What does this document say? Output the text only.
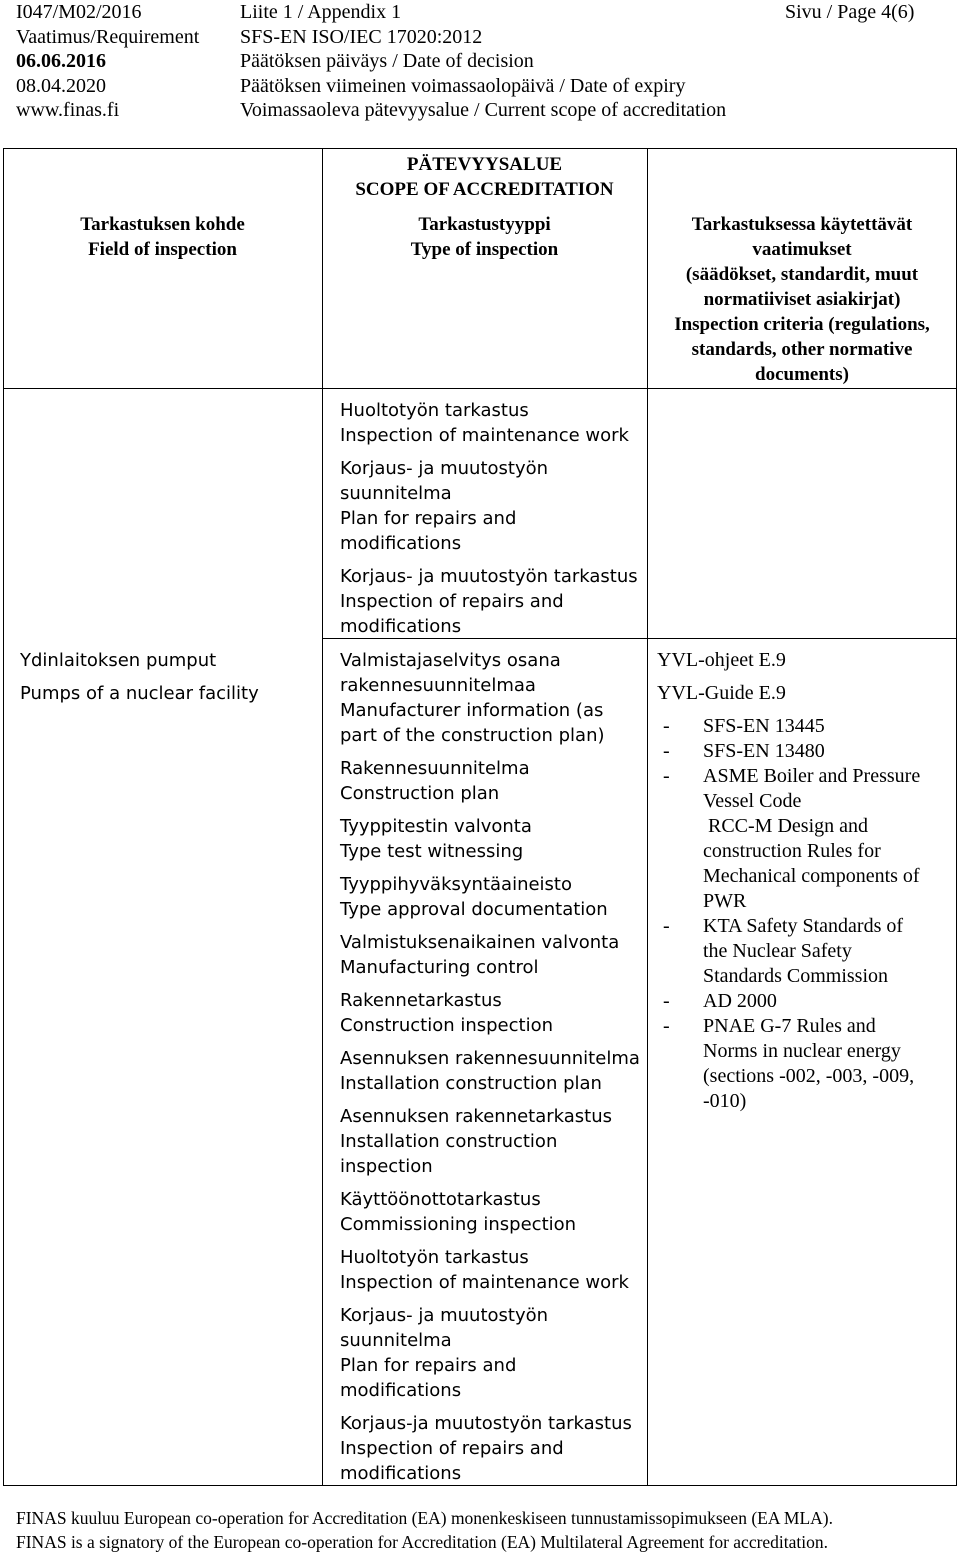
I047/M02/2016
Vaatimus/Requirement
06.06.2016
08.04.2020
www.finas.fi
Liite 1 / Appendix 1
SFS-EN ISO/IEC 17020:2012
Päätöksen päiväys / Date of decision
Päätöksen viimeinen voimassaolopäivä / Date of expiry
Voimassaoleva pätevyysalue / Current scope of accreditation
Sivu / Page 4(6)
Tarkastuksen kohde
Field of inspection
PÄTEVYYSALUE
SCOPE OF ACCREDITATION
Tarkastustyyppi
Type of inspection
Tarkastuksessa käytettävät
vaatimukset
(säädökset, standardit, muut
normatiiviset asiakirjat)
Inspection criteria (regulations,
standards, other normative
documents)
Huoltotyön tarkastus
Inspection of maintenance work
Korjaus- ja muutostyön
suunnitelma
Plan for repairs and
modifications
Korjaus- ja muutostyön tarkastus
Inspection of repairs and
modifications
Ydinlaitoksen pumput
Pumps of a nuclear facility
Valmistajaselvitys osana
rakennesuunnitelmaa
Manufacturer information (as
part of the construction plan)
Rakennesuunnitelma
Construction plan
Tyyppitestin valvonta
Type test witnessing
Tyyppihyväksyntäaineisto
Type approval documentation
Valmistuksenaikainen valvonta
Manufacturing control
Rakennetarkastus
Construction inspection
Asennuksen rakennesuunnitelma
Installation construction plan
Asennuksen rakennetarkastus
Installation construction
inspection
Käyttöönottotarkastus
Commissioning inspection
Huoltotyön tarkastus
Inspection of maintenance work
Korjaus- ja muutostyön
suunnitelma
Plan for repairs and
modifications
Korjaus-ja muutostyön tarkastus
Inspection of repairs and
modifications
YVL-ohjeet E.9
YVL-Guide E.9
- SFS-EN 13445
- SFS-EN 13480
- ASME Boiler and Pressure
Vessel Code
RCC-M Design and
construction Rules for
Mechanical components of
PWR
- KTA Safety Standards of
the Nuclear Safety
Standards Commission
- AD 2000
- PNAE G-7 Rules and
Norms in nuclear energy
(sections -002, -003, -009,
-010)
FINAS kuuluu European co-operation for Accreditation (EA) monenkeskiseen tunnustamissopimukseen (EA MLA).
FINAS is a signatory of the European co-operation for Accreditation (EA) Multilateral Agreement for accreditation.
